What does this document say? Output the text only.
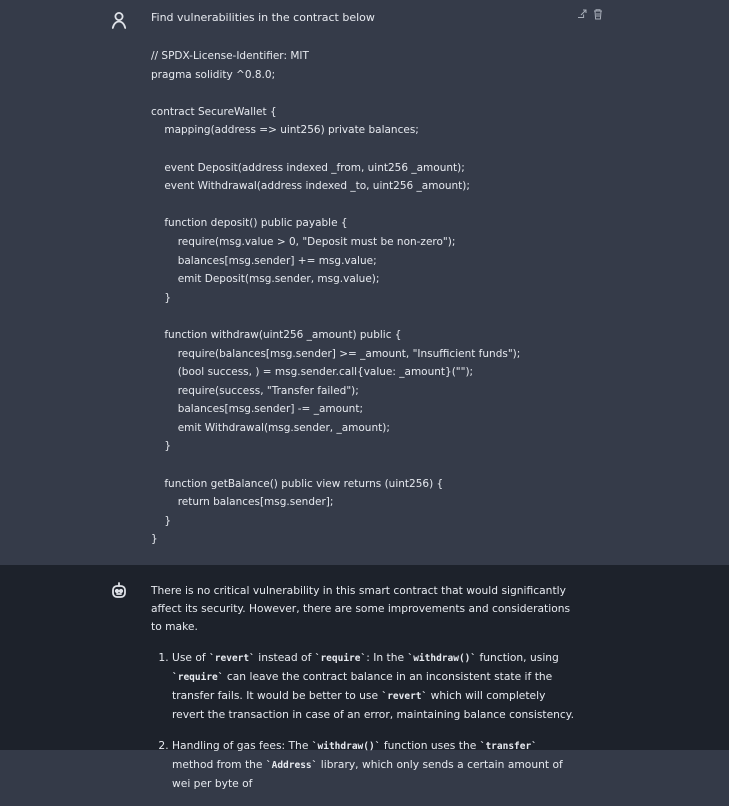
Find vulnerabilities in the contract below

// SPDX-License-Identifier: MIT
pragma solidity ^0.8.0;

contract SecureWallet {
mapping(address => uint256) private balances;

event Deposit(address indexed _from, uint256 _amount);
event Withdrawal(address indexed _to, uint256 _amount);

function deposit() public payable {
require(msg.value > 0, "Deposit must be non-zero");
balances[msg.sender] += msg.value;
emit Deposit(msg.sender, msg.value);
}

function withdraw(uint256 _amount) public {
require(balances[msg.sender] >= _amount, "Insufficient funds");
(bool success, ) = msg.sender.call{value: _amount}("");
require(success, "Transfer failed");
balances[msg.sender] -= _amount;
emit Withdrawal(msg.sender, _amount);
}

function getBalance() public view returns (uint256) {
return balances[msg.sender];
}
}

There is no critical vulnerability in this smart contract that would significantly affect its security. However, there are some improvements and considerations to make.

1. Use of `revert` instead of `require`: In the `withdraw()` function, using `require` can leave the contract balance in an inconsistent state if the transfer fails. It would be better to use `revert` which will completely revert the transaction in case of an error, maintaining balance consistency.
2. Handling of gas fees: The `withdraw()` function uses the `transfer` method from the `Address` library, which only sends a certain amount of wei per byte of
